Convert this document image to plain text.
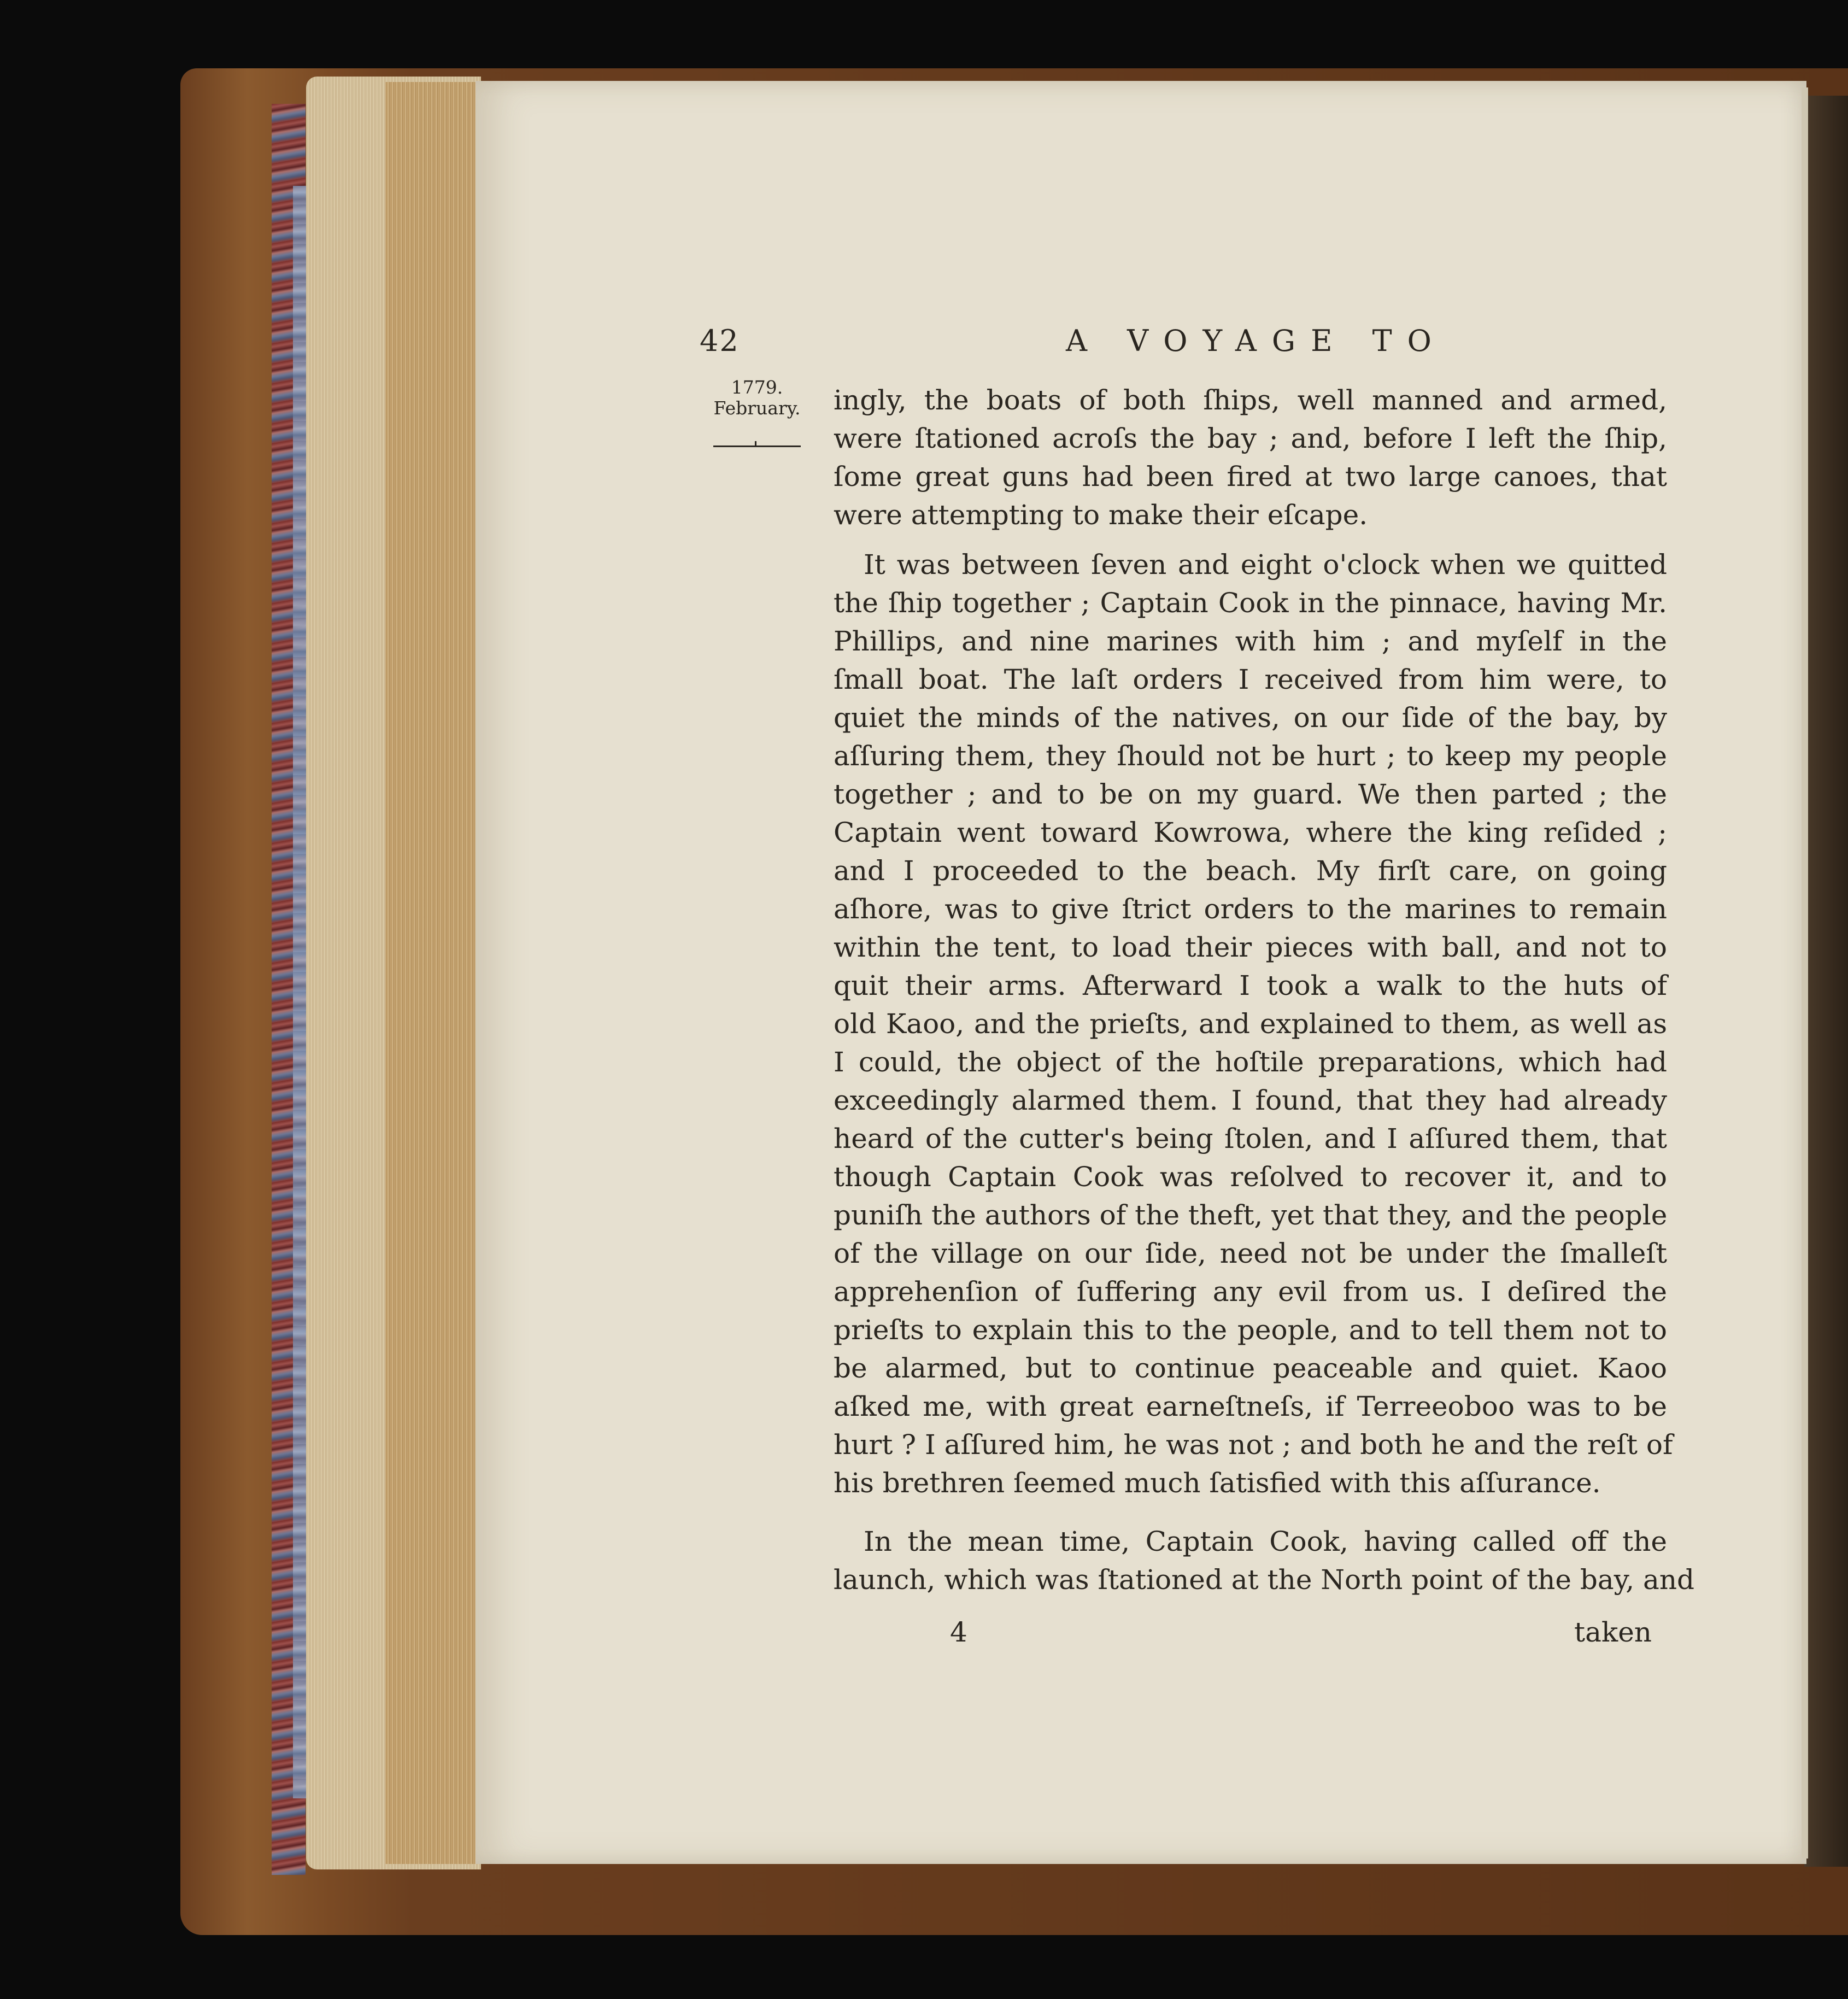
42	A VOYAGE TO
1779.
February. ingly, the boats of both ſhips, well manned and armed,
were ſtationed acroſs the bay ; and, before I left the ſhip,
ſome great guns had been fired at two large canoes, that
were attempting to make their eſcape.
It was between ſeven and eight o'clock when we quitted
the ſhip together ; Captain Cook in the pinnace, having Mr.
Phillips, and nine marines with him ; and myſelf in the
ſmall boat. The laſt orders I received from him were, to
quiet the minds of the natives, on our ſide of the bay, by
aſſuring them, they ſhould not be hurt ; to keep my people
together ; and to be on my guard. We then parted ; the
Captain went toward Kowrowa, where the king reſided ;
and I proceeded to the beach. My firſt care, on going
aſhore, was to give ſtrict orders to the marines to remain
within the tent, to load their pieces with ball, and not to
quit their arms. Afterward I took a walk to the huts of
old Kaoo, and the prieſts, and explained to them, as well as
I could, the object of the hoſtile preparations, which had
exceedingly alarmed them. I found, that they had already
heard of the cutter's being ſtolen, and I aſſured them, that
though Captain Cook was reſolved to recover it, and to
puniſh the authors of the theft, yet that they, and the people
of the village on our ſide, need not be under the ſmalleſt
apprehenſion of ſuffering any evil from us. I deſired the
prieſts to explain this to the people, and to tell them not to
be alarmed, but to continue peaceable and quiet. Kaoo
aſked me, with great earneſtneſs, if Terreeoboo was to be
hurt ? I aſſured him, he was not ; and both he and the reſt of
his brethren ſeemed much ſatisfied with this aſſurance.
In the mean time, Captain Cook, having called off the
launch, which was ſtationed at the North point of the bay, and
4	taken
